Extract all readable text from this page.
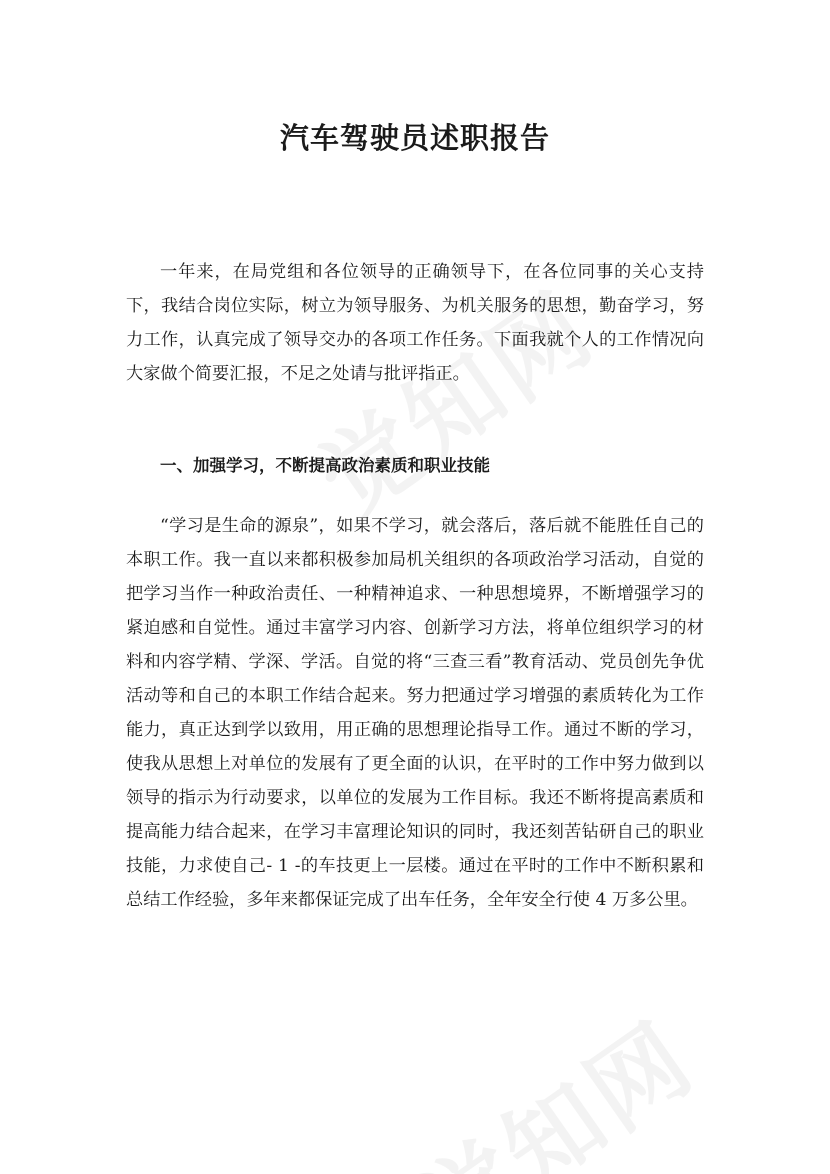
汽车驾驶员述职报告

一年来，在局党组和各位领导的正确领导下，在各位同事的关心支持下，我结合岗位实际，树立为领导服务、为机关服务的思想，勤奋学习，努力工作，认真完成了领导交办的各项工作任务。下面我就个人的工作情况向大家做个简要汇报，不足之处请与批评指正。

一、加强学习，不断提高政治素质和职业技能

“学习是生命的源泉”，如果不学习，就会落后，落后就不能胜任自己的本职工作。我一直以来都积极参加局机关组织的各项政治学习活动，自觉的把学习当作一种政治责任、一种精神追求、一种思想境界，不断增强学习的紧迫感和自觉性。通过丰富学习内容、创新学习方法，将单位组织学习的材料和内容学精、学深、学活。自觉的将“三查三看”教育活动、党员创先争优活动等和自己的本职工作结合起来。努力把通过学习增强的素质转化为工作能力，真正达到学以致用，用正确的思想理论指导工作。通过不断的学习，使我从思想上对单位的发展有了更全面的认识，在平时的工作中努力做到以领导的指示为行动要求，以单位的发展为工作目标。我还不断将提高素质和提高能力结合起来，在学习丰富理论知识的同时，我还刻苦钻研自己的职业技能，力求使自己- 1 -的车技更上一层楼。通过在平时的工作中不断积累和总结工作经验，多年来都保证完成了出车任务，全年安全行使 4 万多公里。
